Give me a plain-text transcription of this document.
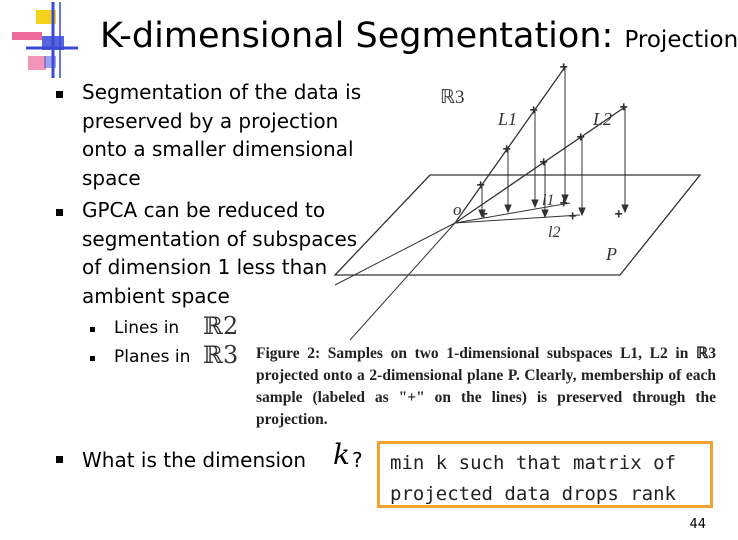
K-dimensional Segmentation: Projection
Segmentation of the data is preserved by a projection onto a smaller dimensional space
GPCA can be reduced to segmentation of subspaces of dimension 1 less than ambient space
Lines in ℝ2
Planes in ℝ3
+
+
+
+
+
+
+
+
+	+
+
ℝ3
L1	L2
l1
l2
o
P
Figure 2: Samples on two 1-dimensional subspaces L1, L2 in ℝ3 projected onto a 2-dimensional plane P. Clearly, membership of each sample (labeled as "+" on the lines) is preserved through the projection.
What is the dimension k ? min k such that matrix of projected data drops rank
44
